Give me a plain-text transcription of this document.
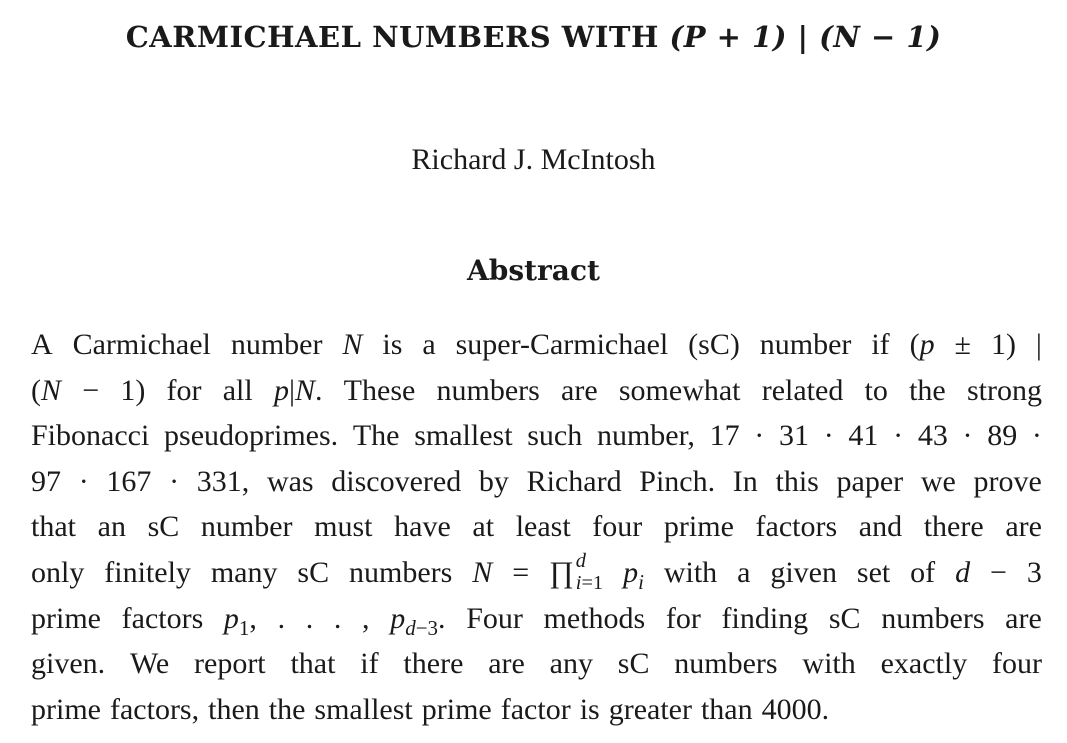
CARMICHAEL NUMBERS WITH (P + 1) | (N − 1)
Richard J. McIntosh
Abstract
A Carmichael number N is a super-Carmichael (sC) number if (p ± 1) |
(N − 1) for all p|N. These numbers are somewhat related to the strong
Fibonacci pseudoprimes. The smallest such number, 17 · 31 · 41 · 43 · 89 ·
97 · 167 · 331, was discovered by Richard Pinch. In this paper we prove
that an sC number must have at least four prime factors and there are
only finitely many sC numbers N = ∏ d
i=1 $p_i$ with a given set of d − 3
prime factors $p_1$, . . . , $p_{d-3}$. Four methods for finding sC numbers are
given. We report that if there are any sC numbers with exactly four
prime factors, then the smallest prime factor is greater than 4000.
